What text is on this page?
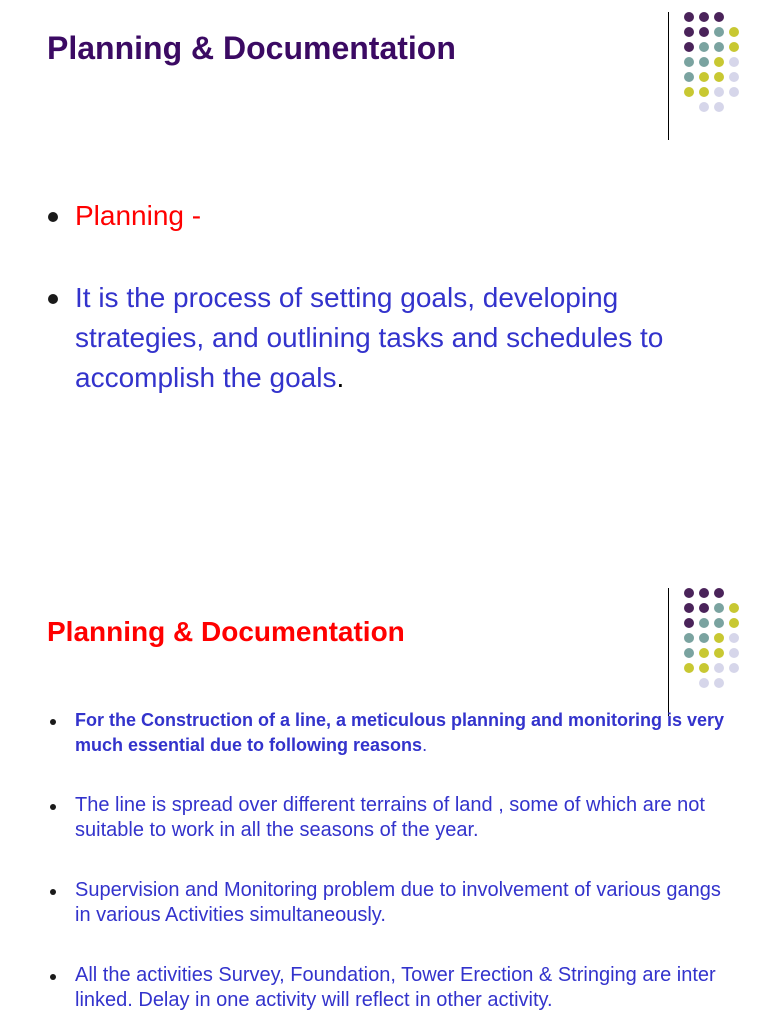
Planning & Documentation
Planning -
It is the process of setting goals, developing strategies, and outlining tasks and schedules to accomplish the goals.
Planning & Documentation
For the Construction of a line, a meticulous planning and monitoring is very much essential due to following reasons.
The line is spread over different terrains of land , some of which are not suitable to work in all the seasons of the year.
Supervision and Monitoring problem due to involvement of various gangs in various Activities simultaneously.
All the activities Survey, Foundation, Tower Erection & Stringing are inter linked. Delay in one activity will reflect in other activity.
